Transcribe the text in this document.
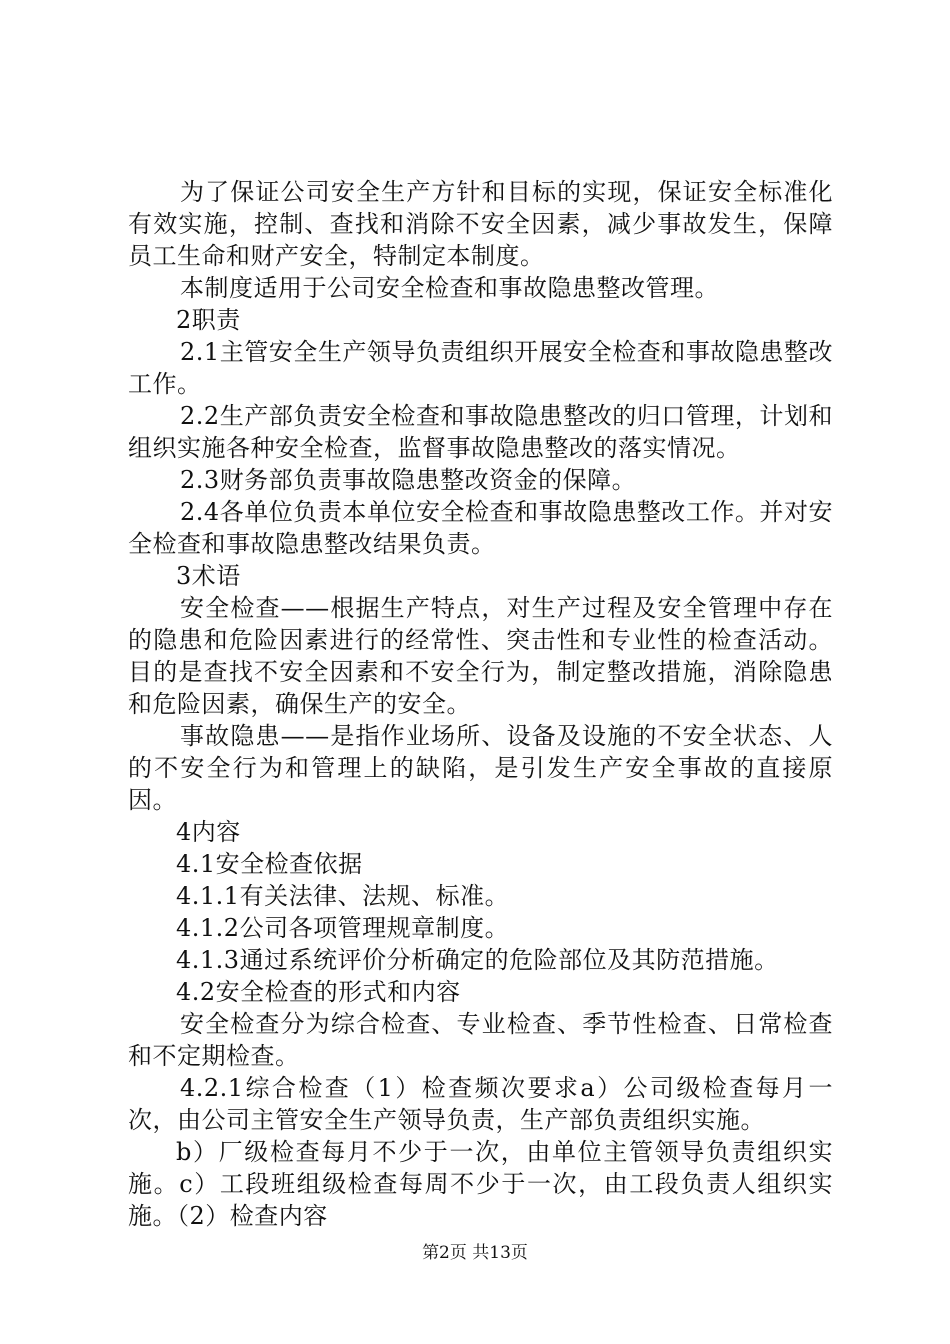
为了保证公司安全生产方针和目标的实现，保证安全标准化有效实施，控制、查找和消除不安全因素，减少事故发生，保障员工生命和财产安全，特制定本制度。

本制度适用于公司安全检查和事故隐患整改管理。

2职责

2.1主管安全生产领导负责组织开展安全检查和事故隐患整改工作。

2.2生产部负责安全检查和事故隐患整改的归口管理，计划和组织实施各种安全检查，监督事故隐患整改的落实情况。

2.3财务部负责事故隐患整改资金的保障。

2.4各单位负责本单位安全检查和事故隐患整改工作。并对安全检查和事故隐患整改结果负责。

3术语

安全检查——根据生产特点，对生产过程及安全管理中存在的隐患和危险因素进行的经常性、突击性和专业性的检查活动。目的是查找不安全因素和不安全行为，制定整改措施，消除隐患和危险因素，确保生产的安全。

事故隐患——是指作业场所、设备及设施的不安全状态、人的不安全行为和管理上的缺陷，是引发生产安全事故的直接原因。

4内容

4.1安全检查依据

4.1.1有关法律、法规、标准。

4.1.2公司各项管理规章制度。

4.1.3通过系统评价分析确定的危险部位及其防范措施。

4.2安全检查的形式和内容

安全检查分为综合检查、专业检查、季节性检查、日常检查和不定期检查。

4.2.1综合检查（1）检查频次要求a）公司级检查每月一次，由公司主管安全生产领导负责，生产部负责组织实施。

b）厂级检查每月不少于一次，由单位主管领导负责组织实施。c）工段班组级检查每周不少于一次，由工段负责人组织实施。（2）检查内容

第2页 共13页
